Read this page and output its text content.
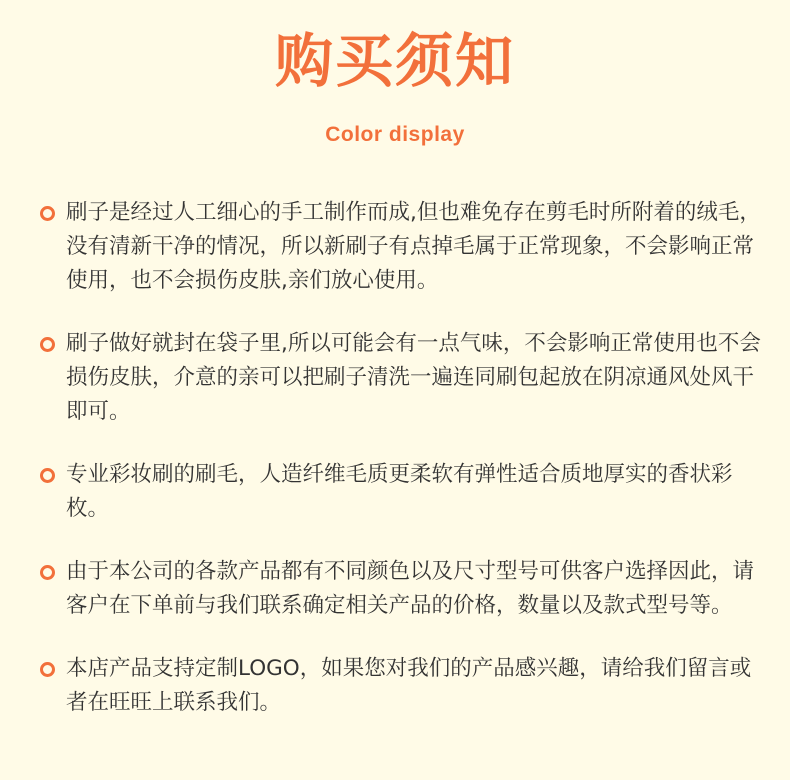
购买须知
Color display
刷子是经过人工细心的手工制作而成,但也难免存在剪毛时所附着的绒毛，没有清新干净的情况，所以新刷子有点掉毛属于正常现象，不会影响正常使用，也不会损伤皮肤,亲们放心使用。
刷子做好就封在袋子里,所以可能会有一点气味，不会影响正常使用也不会损伤皮肤，介意的亲可以把刷子清洗一遍连同刷包起放在阴凉通风处风干即可。
专业彩妆刷的刷毛，人造纤维毛质更柔软有弹性适合质地厚实的香状彩枚。
由于本公司的各款产品都有不同颜色以及尺寸型号可供客户选择因此，请客户在下单前与我们联系确定相关产品的价格，数量以及款式型号等。
本店产品支持定制LOGO，如果您对我们的产品感兴趣，请给我们留言或者在旺旺上联系我们。
